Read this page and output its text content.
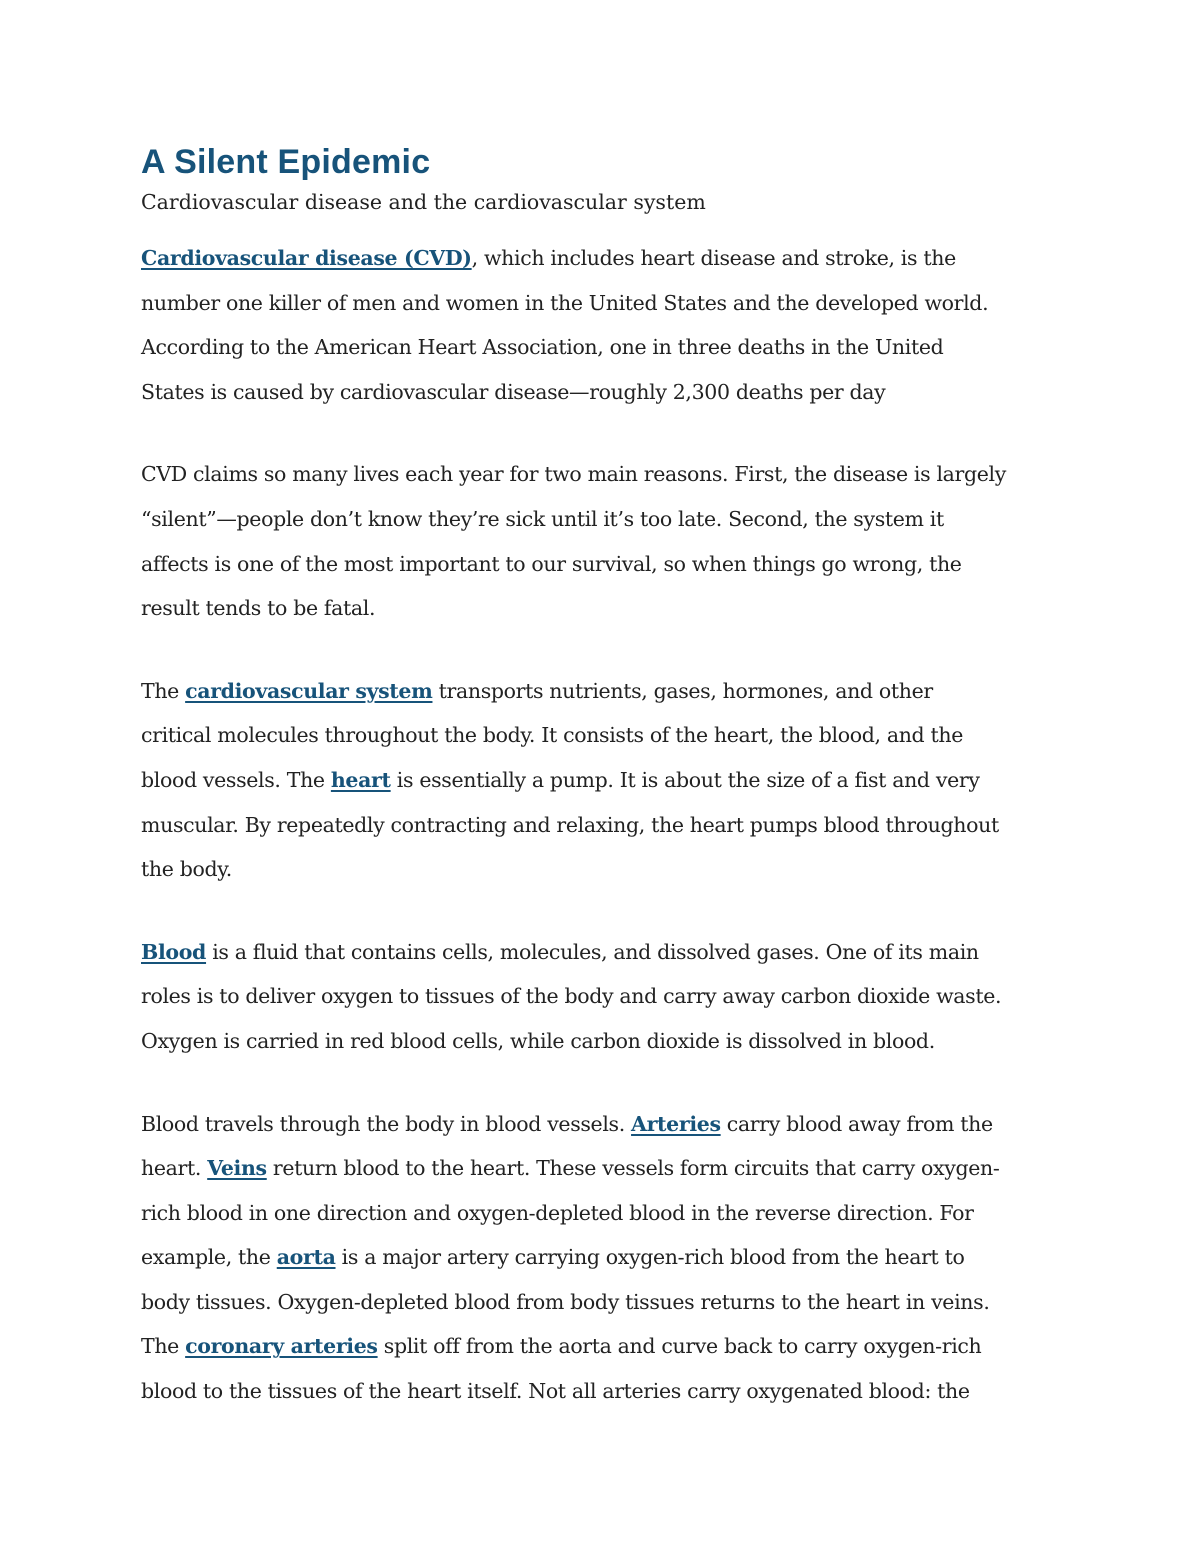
A Silent Epidemic

Cardiovascular disease and the cardiovascular system

Cardiovascular disease (CVD), which includes heart disease and stroke, is the
number one killer of men and women in the United States and the developed world.
According to the American Heart Association, one in three deaths in the United
States is caused by cardiovascular disease—roughly 2,300 deaths per day

CVD claims so many lives each year for two main reasons. First, the disease is largely
“silent”—people don’t know they’re sick until it’s too late. Second, the system it
affects is one of the most important to our survival, so when things go wrong, the
result tends to be fatal.

The cardiovascular system transports nutrients, gases, hormones, and other
critical molecules throughout the body. It consists of the heart, the blood, and the
blood vessels. The heart is essentially a pump. It is about the size of a fist and very
muscular. By repeatedly contracting and relaxing, the heart pumps blood throughout
the body.

Blood is a fluid that contains cells, molecules, and dissolved gases. One of its main
roles is to deliver oxygen to tissues of the body and carry away carbon dioxide waste.
Oxygen is carried in red blood cells, while carbon dioxide is dissolved in blood.

Blood travels through the body in blood vessels. Arteries carry blood away from the
heart. Veins return blood to the heart. These vessels form circuits that carry oxygen-
rich blood in one direction and oxygen-depleted blood in the reverse direction. For
example, the aorta is a major artery carrying oxygen-rich blood from the heart to
body tissues. Oxygen-depleted blood from body tissues returns to the heart in veins.
The coronary arteries split off from the aorta and curve back to carry oxygen-rich
blood to the tissues of the heart itself. Not all arteries carry oxygenated blood: the
